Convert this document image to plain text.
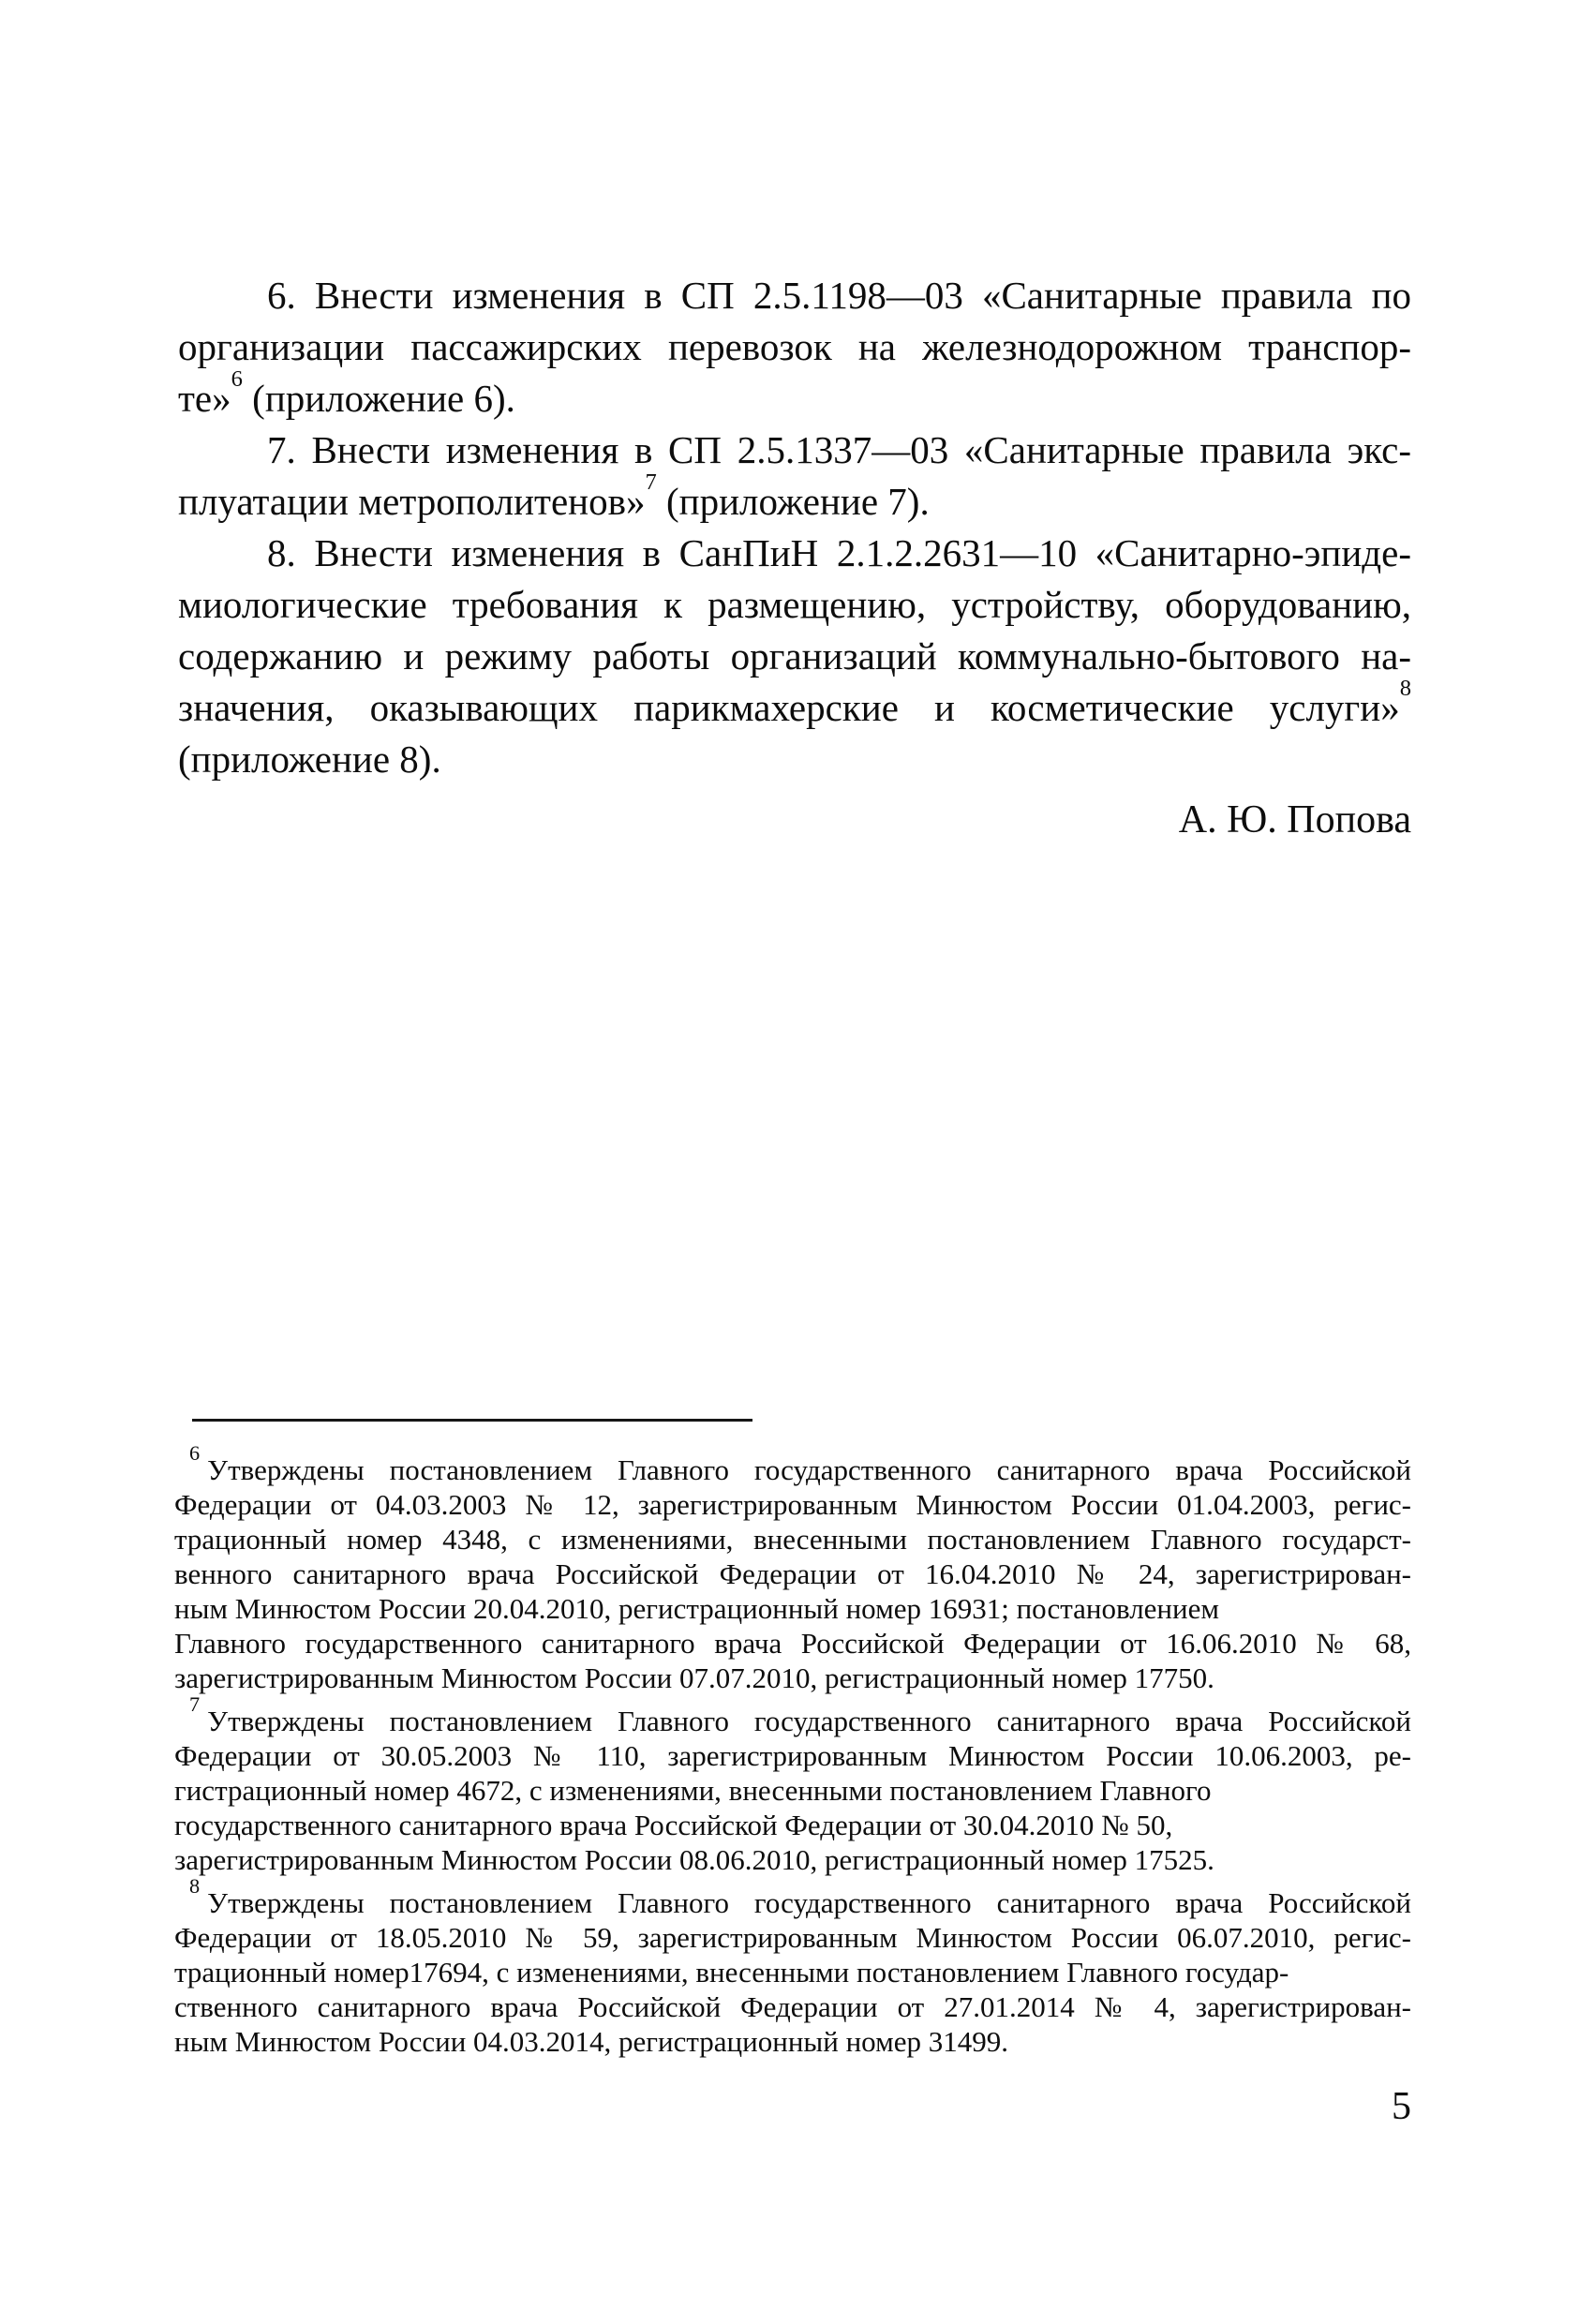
6. Внести изменения в СП 2.5.1198—03 «Санитарные правила по
организации пассажирских перевозок на железнодорожном транспор-
те»$^6$ (приложение 6).
7. Внести изменения в СП 2.5.1337—03 «Санитарные правила экс-
плуатации метрополитенов»$^7$ (приложение 7).
8. Внести изменения в СанПиН 2.1.2.2631—10 «Санитарно-эпиде-
миологические требования к размещению, устройству, оборудованию,
содержанию и режиму работы организаций коммунально-бытового на-
значения, оказывающих парикмахерские и косметические услуги»$^8$
(приложение 8).
А. Ю. Попова
$^6$Утверждены постановлением Главного государственного санитарного врача Российской
Федерации от 04.03.2003 № 12, зарегистрированным Минюстом России 01.04.2003, регис-
трационный номер 4348, с изменениями, внесенными постановлением Главного государст-
венного санитарного врача Российской Федерации от 16.04.2010 № 24, зарегистрирован-
ным Минюстом России 20.04.2010, регистрационный номер 16931; постановлением
Главного государственного санитарного врача Российской Федерации от 16.06.2010 № 68,
зарегистрированным Минюстом России 07.07.2010, регистрационный номер 17750.
$^7$Утверждены постановлением Главного государственного санитарного врача Российской
Федерации от 30.05.2003 № 110, зарегистрированным Минюстом России 10.06.2003, ре-
гистрационный номер 4672, с изменениями, внесенными постановлением Главного
государственного санитарного врача Российской Федерации от 30.04.2010 № 50,
зарегистрированным Минюстом России 08.06.2010, регистрационный номер 17525.
$^8$Утверждены постановлением Главного государственного санитарного врача Российской
Федерации от 18.05.2010 № 59, зарегистрированным Минюстом России 06.07.2010, регис-
трационный номер17694, с изменениями, внесенными постановлением Главного государ-
ственного санитарного врача Российской Федерации от 27.01.2014 № 4, зарегистрирован-
ным Минюстом России 04.03.2014, регистрационный номер 31499.
5
